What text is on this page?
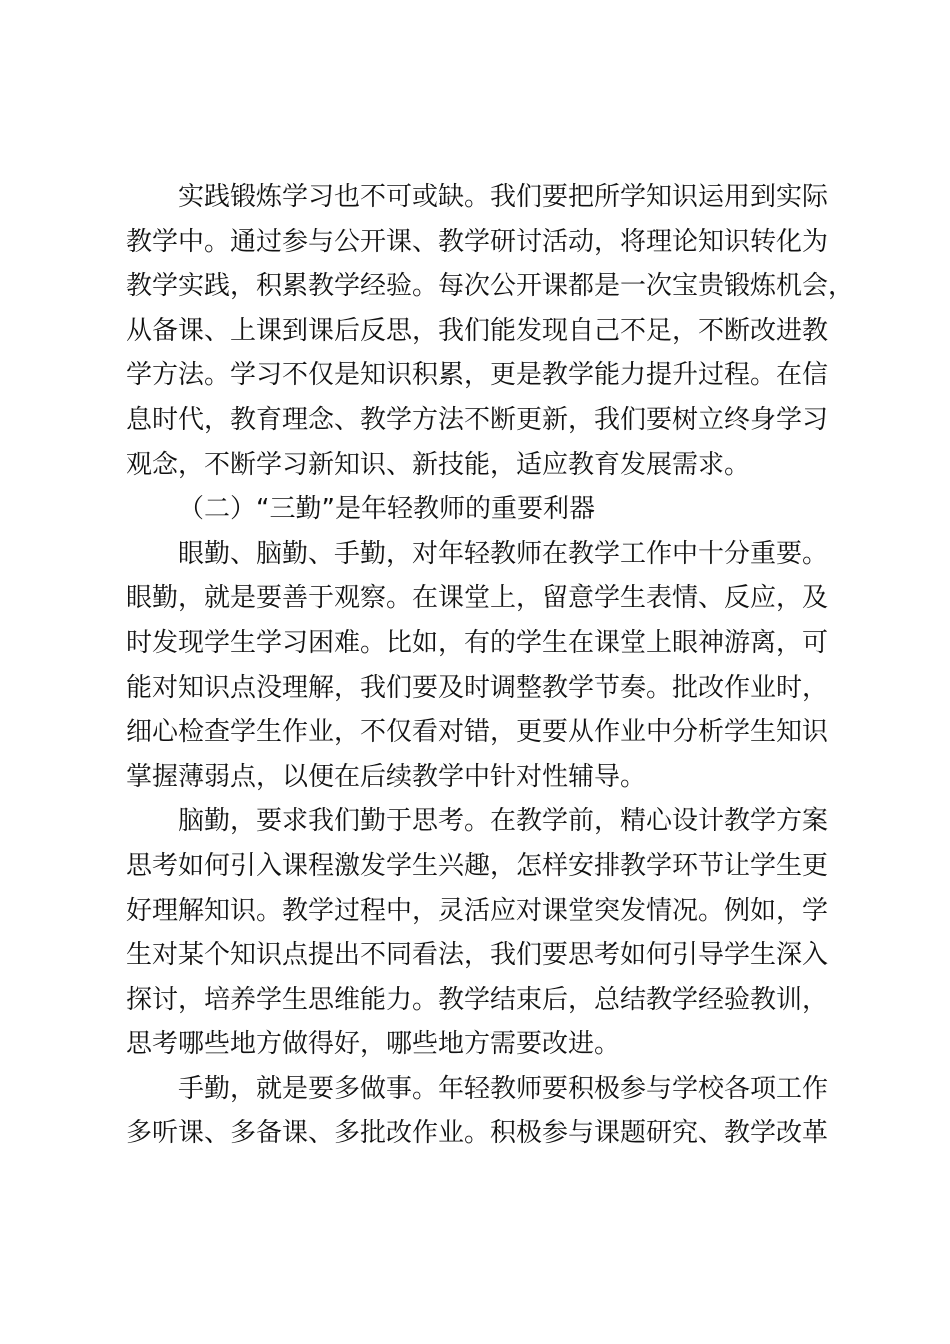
实践锻炼学习也不可或缺。我们要把所学知识运用到实际
教学中。通过参与公开课、教学研讨活动，将理论知识转化为
教学实践，积累教学经验。每次公开课都是一次宝贵锻炼机会，
从备课、上课到课后反思，我们能发现自己不足，不断改进教
学方法。学习不仅是知识积累，更是教学能力提升过程。在信
息时代，教育理念、教学方法不断更新，我们要树立终身学习
观念，不断学习新知识、新技能，适应教育发展需求。
（二）“三勤”是年轻教师的重要利器
眼勤、脑勤、手勤，对年轻教师在教学工作中十分重要。
眼勤，就是要善于观察。在课堂上，留意学生表情、反应，及
时发现学生学习困难。比如，有的学生在课堂上眼神游离，可
能对知识点没理解，我们要及时调整教学节奏。批改作业时，
细心检查学生作业，不仅看对错，更要从作业中分析学生知识
掌握薄弱点，以便在后续教学中针对性辅导。
脑勤，要求我们勤于思考。在教学前，精心设计教学方案
思考如何引入课程激发学生兴趣，怎样安排教学环节让学生更
好理解知识。教学过程中，灵活应对课堂突发情况。例如，学
生对某个知识点提出不同看法，我们要思考如何引导学生深入
探讨，培养学生思维能力。教学结束后，总结教学经验教训，
思考哪些地方做得好，哪些地方需要改进。
手勤，就是要多做事。年轻教师要积极参与学校各项工作
多听课、多备课、多批改作业。积极参与课题研究、教学改革
